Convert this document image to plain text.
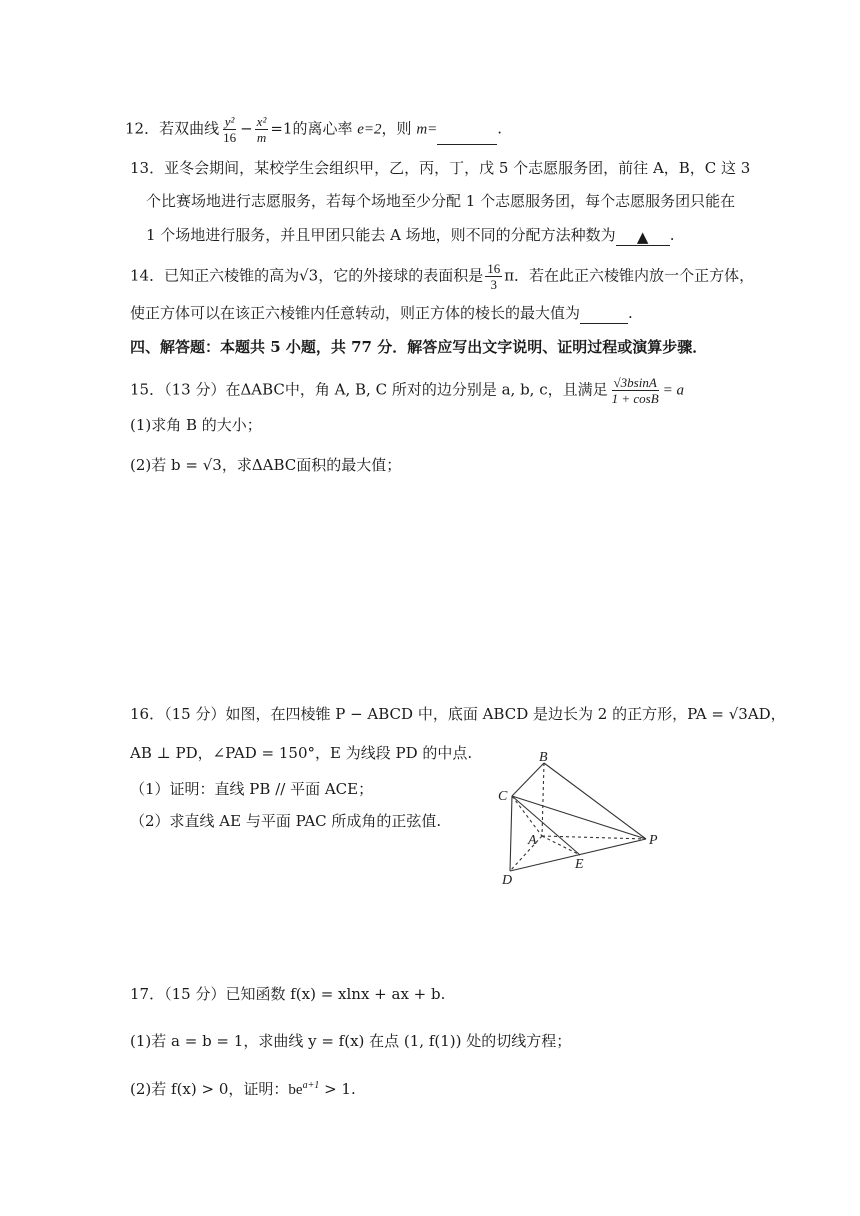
12．若双曲线 $\frac{\text{y²}}{16} - \frac{\text{x²}}{m} =1$的离心率 e=2，则 m=	.
13．亚冬会期间，某校学生会组织甲，乙，丙，丁，戊 5 个志愿服务团，前往 A，B，C 这 3
个比赛场地进行志愿服务，若每个场地至少分配 1 个志愿服务团，每个志愿服务团只能在
1 个场地进行服务，并且甲团只能去 A 场地，则不同的分配方法种数为 ▲ .
14．已知正六棱锥的高为√3，它的外接球的表面积是 $\frac{16}{3}$ π．若在此正六棱锥内放一个正方体，
使正方体可以在该正六棱锥内任意转动，则正方体的棱长的最大值为	.
四、解答题：本题共 5 小题，共 77 分．解答应写出文字说明、证明过程或演算步骤．
15．（13 分）在ΔABC中，角 A, B, C 所对的边分别是 a, b, c，且满足 $\frac{√3bsinA}{1 + \cos B} = a$
(1)求角 B 的大小；
(2)若 b = √3，求ΔABC面积的最大值；
16．（15 分）如图，在四棱锥 P − ABCD 中，底面 ABCD 是边长为 2 的正方形，PA = √3AD，
AB ⊥ PD，∠PAD = 150°，E 为线段 PD 的中点.
（1）证明：直线 PB // 平面 ACE；
（2）求直线 AE 与平面 PAC 所成角的正弦值.
B
C
A	P
E
D
17．（15 分）已知函数 f(x) = xlnx + ax + b.
(1)若 a = b = 1，求曲线 y = f(x) 在点 (1, f(1)) 处的切线方程；
(2)若 f(x) > 0，证明：$be^{a+1} > 1$.
